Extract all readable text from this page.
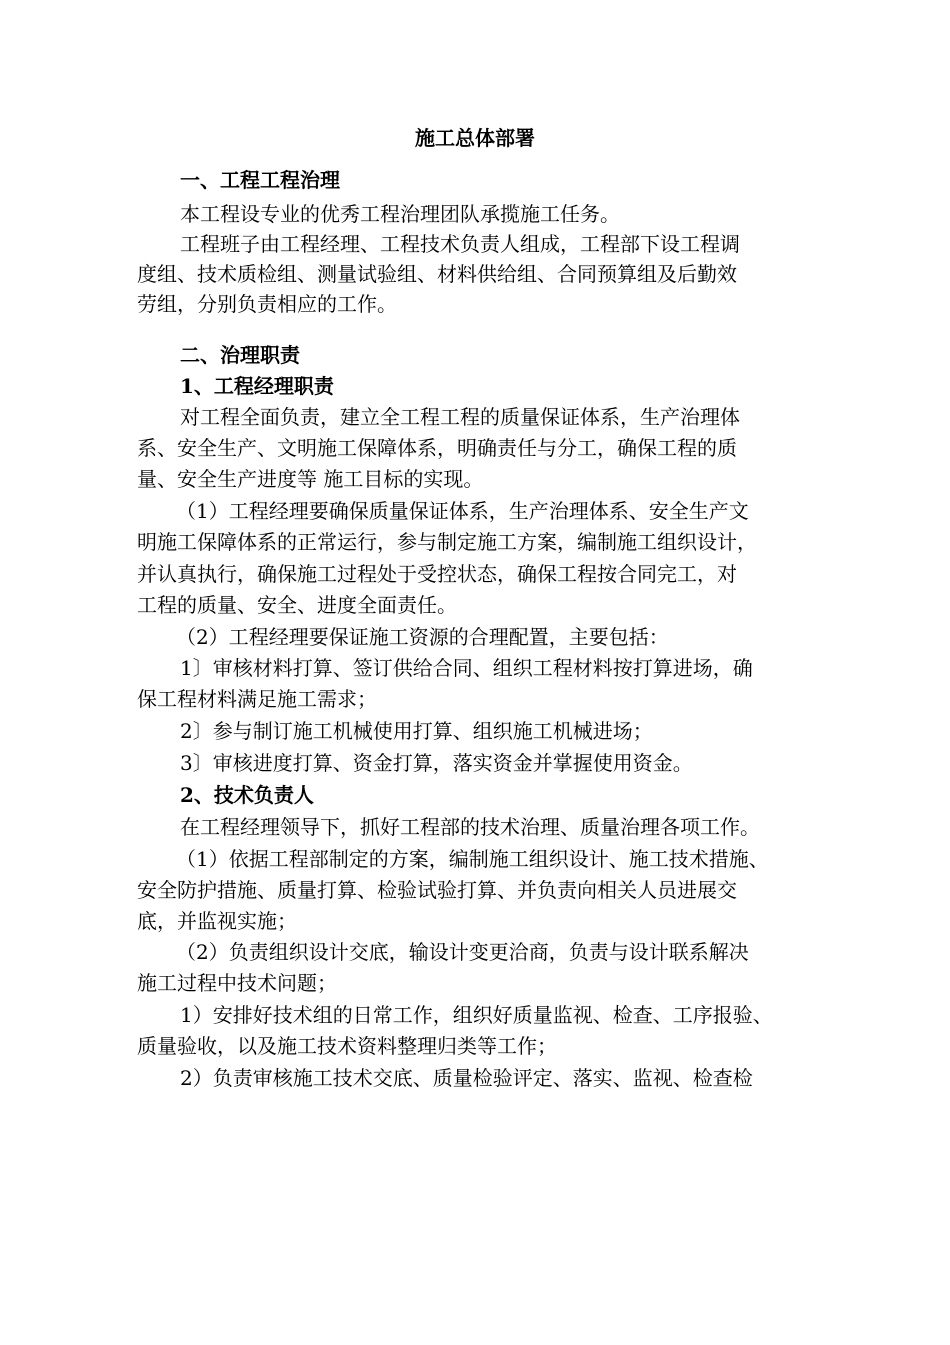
施工总体部署
一、工程工程治理
本工程设专业的优秀工程治理团队承揽施工任务。
工程班子由工程经理、工程技术负责人组成，工程部下设工程调
度组、技术质检组、测量试验组、材料供给组、合同预算组及后勤效
劳组，分别负责相应的工作。
二、治理职责
1、工程经理职责
对工程全面负责，建立全工程工程的质量保证体系，生产治理体
系、安全生产、文明施工保障体系，明确责任与分工，确保工程的质
量、安全生产进度等 施工目标的实现。
（1）工程经理要确保质量保证体系，生产治理体系、安全生产文
明施工保障体系的正常运行，参与制定施工方案，编制施工组织设计，
并认真执行，确保施工过程处于受控状态，确保工程按合同完工，对
工程的质量、安全、进度全面责任。
（2）工程经理要保证施工资源的合理配置，主要包括：
1〕审核材料打算、签订供给合同、组织工程材料按打算进场，确
保工程材料满足施工需求；
2〕参与制订施工机械使用打算、组织施工机械进场；
3〕审核进度打算、资金打算，落实资金并掌握使用资金。
2、技术负责人
在工程经理领导下，抓好工程部的技术治理、质量治理各项工作。
（1）依据工程部制定的方案，编制施工组织设计、施工技术措施、
安全防护措施、质量打算、检验试验打算、并负责向相关人员进展交
底，并监视实施；
（2）负责组织设计交底，输设计变更洽商，负责与设计联系解决
施工过程中技术问题；
1）安排好技术组的日常工作，组织好质量监视、检查、工序报验、
质量验收，以及施工技术资料整理归类等工作；
2）负责审核施工技术交底、质量检验评定、落实、监视、检查检
